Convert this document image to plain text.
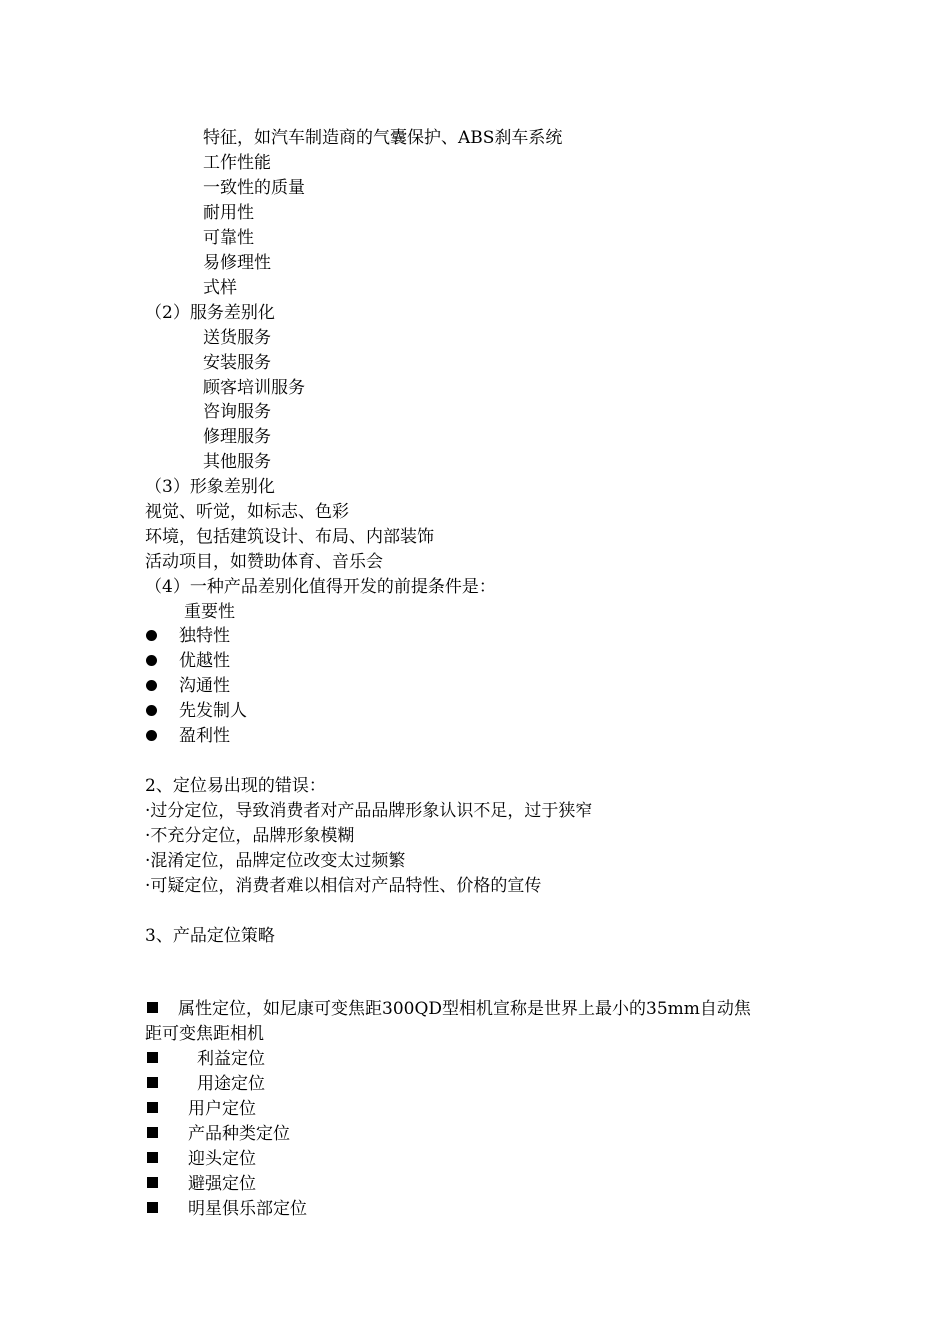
特征，如汽车制造商的气囊保护、ABS刹车系统
工作性能
一致性的质量
耐用性
可靠性
易修理性
式样
（2）服务差别化
送货服务
安装服务
顾客培训服务
咨询服务
修理服务
其他服务
（3）形象差别化
视觉、听觉，如标志、色彩
环境，包括建筑设计、布局、内部装饰
活动项目，如赞助体育、音乐会
（4）一种产品差别化值得开发的前提条件是：
重要性
独特性
优越性
沟通性
先发制人
盈利性
2、定位易出现的错误：
·过分定位，导致消费者对产品品牌形象认识不足，过于狭窄
·不充分定位，品牌形象模糊
·混淆定位，品牌定位改变太过频繁
·可疑定位，消费者难以相信对产品特性、价格的宣传
3、产品定位策略
属性定位，如尼康可变焦距300QD型相机宣称是世界上最小的35mm自动焦
距可变焦距相机
利益定位
用途定位
用户定位
产品种类定位
迎头定位
避强定位
明星俱乐部定位
